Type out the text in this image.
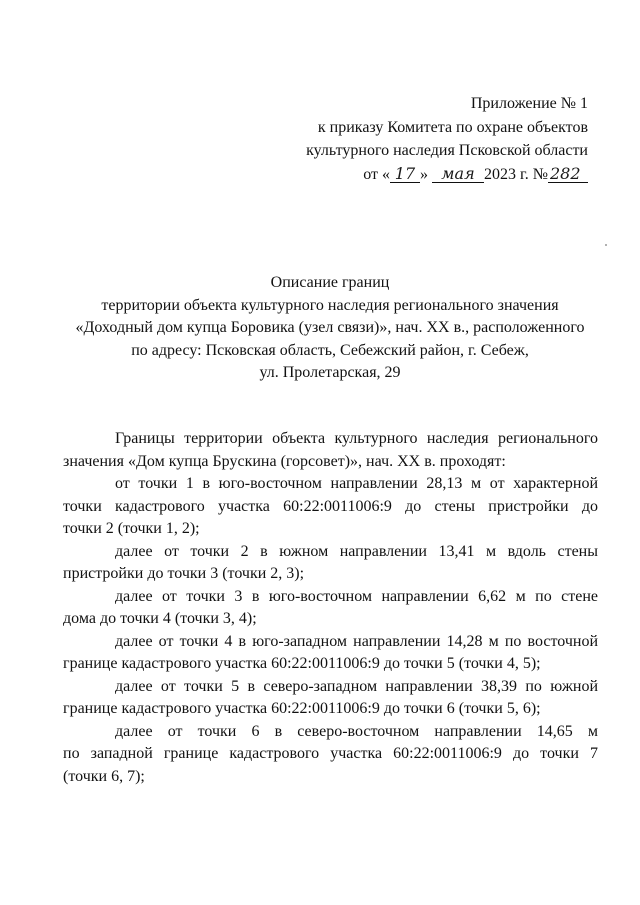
Приложение № 1
к приказу Комитета по охране объектов
культурного наследия Псковской области
от « 17 » мая 2023 г. № 282
Описание границ
территории объекта культурного наследия регионального значения
«Доходный дом купца Боровика (узел связи)», нач. XX в., расположенного
по адресу: Псковская область, Себежский район, г. Себеж,
ул. Пролетарская, 29

Границы территории объекта культурного наследия регионального
значения «Дом купца Брускина (горсовет)», нач. XX в. проходят:

от точки 1 в юго-восточном направлении 28,13 м от характерной
точки кадастрового участка 60:22:0011006:9 до стены пристройки до
точки 2 (точки 1, 2);

далее от точки 2 в южном направлении 13,41 м вдоль стены
пристройки до точки 3 (точки 2, 3);

далее от точки 3 в юго-восточном направлении 6,62 м по стене
дома до точки 4 (точки 3, 4);

далее от точки 4 в юго-западном направлении 14,28 м по восточной
границе кадастрового участка 60:22:0011006:9 до точки 5 (точки 4, 5);

далее от точки 5 в северо-западном направлении 38,39 по южной
границе кадастрового участка 60:22:0011006:9 до точки 6 (точки 5, 6);

далее от точки 6 в северо-восточном направлении 14,65 м
по западной границе кадастрового участка 60:22:0011006:9 до точки 7
(точки 6, 7);
